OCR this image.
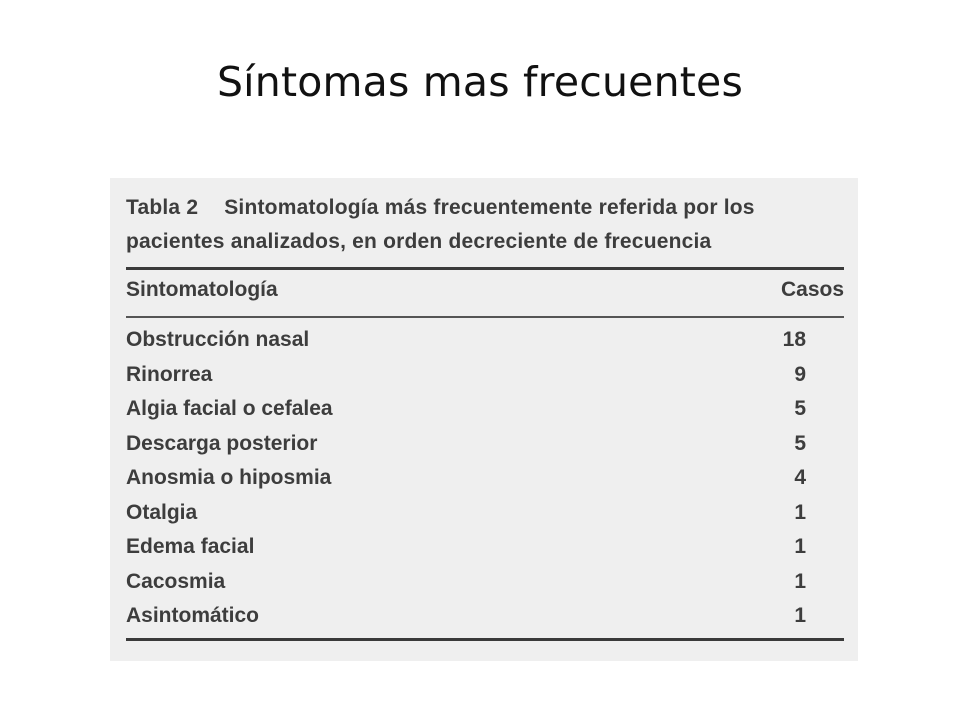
Síntomas mas frecuentes
Tabla 2 Sintomatología más frecuentemente referida por los pacientes analizados, en orden decreciente de frecuencia
Sintomatología	Casos
Obstrucción nasal	18
Rinorrea	9
Algia facial o cefalea	5
Descarga posterior	5
Anosmia o hiposmia	4
Otalgia	1
Edema facial	1
Cacosmia	1
Asintomático	1
